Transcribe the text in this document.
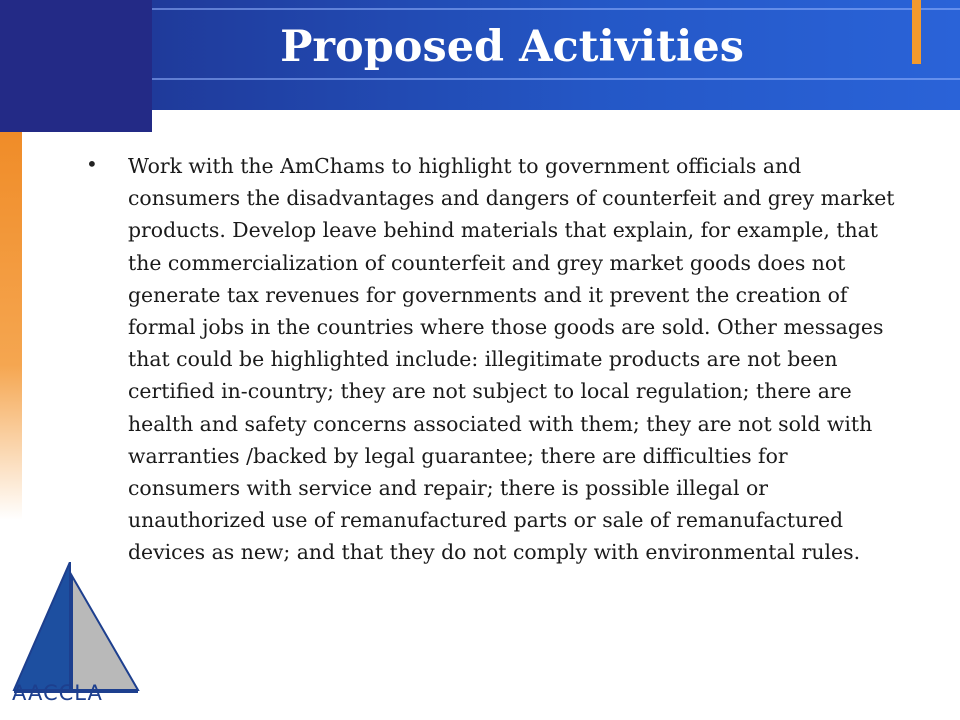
Proposed Activities
• Work with the AmChams to highlight to government officials and consumers the disadvantages and dangers of counterfeit and grey market products. Develop leave behind materials that explain, for example, that the commercialization of counterfeit and grey market goods does not generate tax revenues for governments and it prevent the creation of formal jobs in the countries where those goods are sold. Other messages that could be highlighted include: illegitimate products are not been certified in-country; they are not subject to local regulation; there are health and safety concerns associated with them; they are not sold with warranties /backed by legal guarantee; there are difficulties for consumers with service and repair; there is possible illegal or unauthorized use of remanufactured parts or sale of remanufactured devices as new; and that they do not comply with environmental rules.

AACCLA
